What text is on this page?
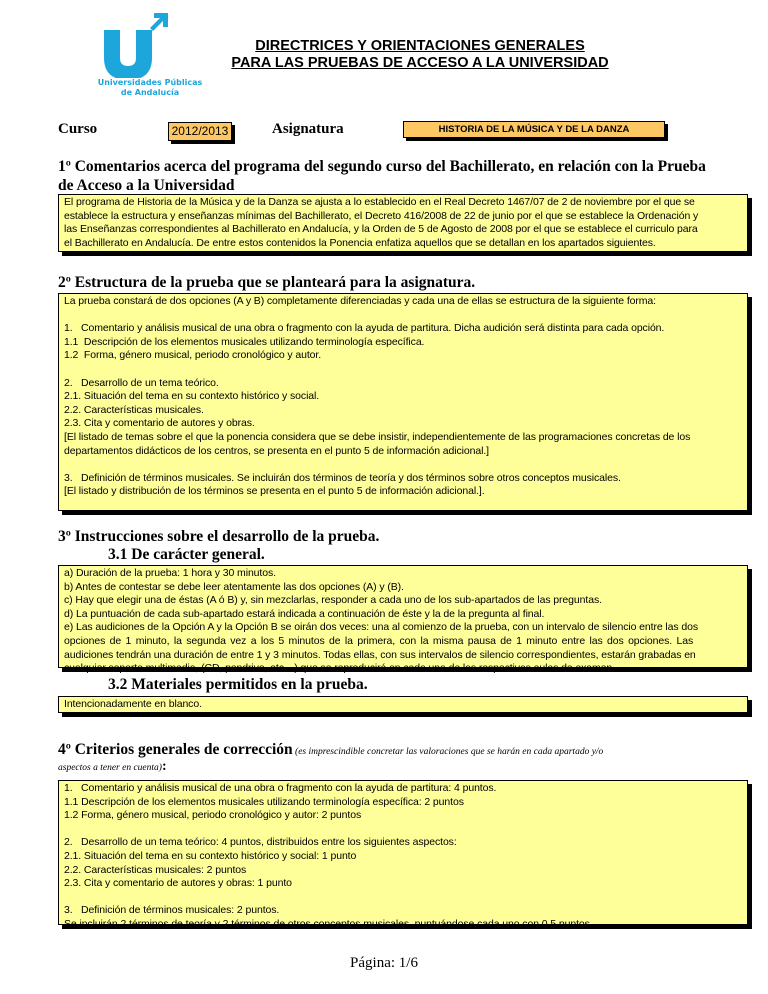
Universidades Públicas
de Andalucía
DIRECTRICES Y ORIENTACIONES GENERALES
PARA LAS PRUEBAS DE ACCESO A LA UNIVERSIDAD
Curso	2012/2013	Asignatura	HISTORIA DE LA MÚSICA Y DE LA DANZA
1º Comentarios acerca del programa del segundo curso del Bachillerato, en relación con la Prueba
de Acceso a la Universidad
El programa de Historia de la Música y de la Danza se ajusta a lo establecido en el Real Decreto 1467/07 de 2 de noviembre por el que se
establece la estructura y enseñanzas mínimas del Bachillerato, el Decreto 416/2008 de 22 de junio por el que se establece la Ordenación y
las Enseñanzas correspondientes al Bachillerato en Andalucía, y la Orden de 5 de Agosto de 2008 por el que se establece el curriculo para
el Bachillerato en Andalucía. De entre estos contenidos la Ponencia enfatiza aquellos que se detallan en los apartados siguientes.
2º Estructura de la prueba que se planteará para la asignatura.
La prueba constará de dos opciones (A y B) completamente diferenciadas y cada una de ellas se estructura de la siguiente forma:
1.   Comentario y análisis musical de una obra o fragmento con la ayuda de partitura. Dicha audición será distinta para cada opción.
1.1  Descripción de los elementos musicales utilizando terminología específica.
1.2  Forma, género musical, periodo cronológico y autor.
2.   Desarrollo de un tema teórico.
2.1. Situación del tema en su contexto histórico y social.
2.2. Características musicales.
2.3. Cita y comentario de autores y obras.
[El listado de temas sobre el que la ponencia considera que se debe insistir, independientemente de las programaciones concretas de los
departamentos didácticos de los centros, se presenta en el punto 5 de información adicional.]
3.   Definición de términos musicales. Se incluirán dos términos de teoría y dos términos sobre otros conceptos musicales.
[El listado y distribución de los términos se presenta en el punto 5 de información adicional.].
3º Instrucciones sobre el desarrollo de la prueba.
3.1 De carácter general.
a) Duración de la prueba: 1 hora y 30 minutos.
b) Antes de contestar se debe leer atentamente las dos opciones (A) y (B).
c) Hay que elegir una de éstas (A ó B) y, sin mezclarlas, responder a cada uno de los sub-apartados de las preguntas.
d) La puntuación de cada sub-apartado estará indicada a continuación de éste y la de la pregunta al final.
e) Las audiciones de la Opción A y la Opción B se oirán dos veces: una al comienzo de la prueba, con un intervalo de silencio entre las dos
opciones de 1 minuto, la segunda vez a los 5 minutos de la primera, con la misma pausa de 1 minuto entre las dos opciones. Las
audiciones tendrán una duración de entre 1 y 3 minutos. Todas ellas, con sus intervalos de silencio correspondientes, estarán grabadas en
cualquier soporte multimedia, (CD, pendrive, etc…) que se reproducirá en cada una de las respectivas aulas de examen.
3.2 Materiales permitidos en la prueba.
Intencionadamente en blanco.
4º Criterios generales de corrección (es imprescindible concretar las valoraciones que se harán en cada apartado y/o
aspectos a tener en cuenta):
1.   Comentario y análisis musical de una obra o fragmento con la ayuda de partitura: 4 puntos.
1.1 Descripción de los elementos musicales utilizando terminología específica: 2 puntos
1.2 Forma, género musical, periodo cronológico y autor: 2 puntos
2.   Desarrollo de un tema teórico: 4 puntos, distribuidos entre los siguientes aspectos:
2.1. Situación del tema en su contexto histórico y social: 1 punto
2.2. Características musicales: 2 puntos
2.3. Cita y comentario de autores y obras: 1 punto
3.   Definición de términos musicales: 2 puntos.
Se incluirán 2 términos de teoría y 2 términos de otros conceptos musicales, puntuándose cada uno con 0,5 puntos.
Página: 1/6
